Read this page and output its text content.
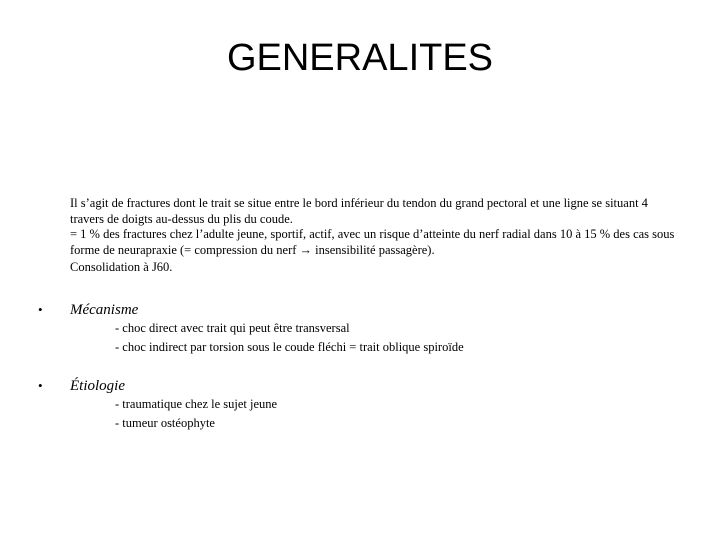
GENERALITES

Il s’agit de fractures dont le trait se situe entre le bord inférieur du tendon du grand pectoral et une ligne se situant 4 travers de doigts au-dessus du plis du coude.

= 1 % des fractures chez l’adulte jeune, sportif, actif, avec un risque d’atteinte du nerf radial dans 10 à 15 % des cas sous forme de neurapraxie (= compression du nerf → insensibilité passagère).

Consolidation à J60.

• Mécanisme
- choc direct avec trait qui peut être transversal
- choc indirect par torsion sous le coude fléchi = trait oblique spiroïde
• Étiologie
- traumatique chez le sujet jeune
- tumeur ostéophyte
